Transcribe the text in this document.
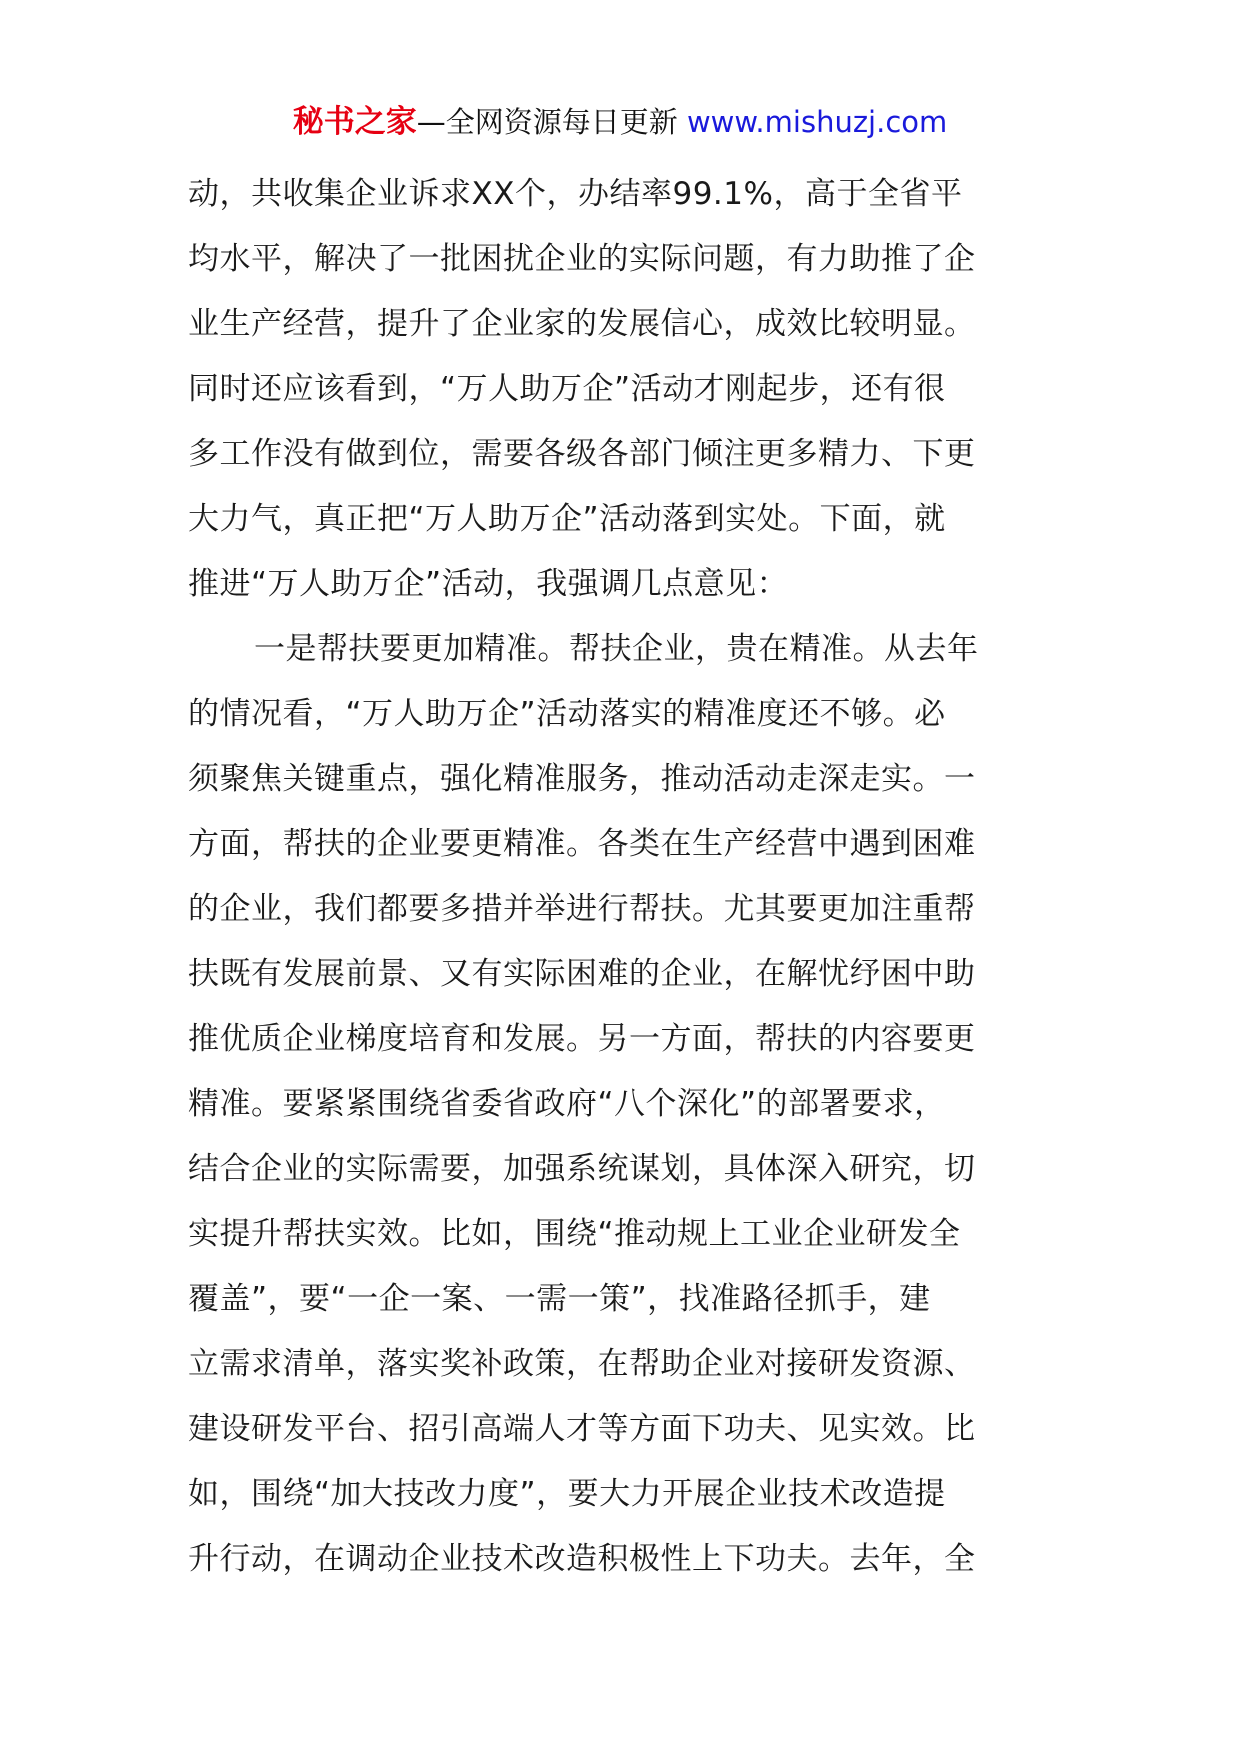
秘书之家—全网资源每日更新 www.mishuzj.com
动，共收集企业诉求XX个，办结率99.1%，高于全省平
均水平，解决了一批困扰企业的实际问题，有力助推了企
业生产经营，提升了企业家的发展信心，成效比较明显。
同时还应该看到，“万人助万企”活动才刚起步，还有很
多工作没有做到位，需要各级各部门倾注更多精力、下更
大力气，真正把“万人助万企”活动落到实处。下面，就
推进“万人助万企”活动，我强调几点意见：
一是帮扶要更加精准。帮扶企业，贵在精准。从去年
的情况看，“万人助万企”活动落实的精准度还不够。必
须聚焦关键重点，强化精准服务，推动活动走深走实。一
方面，帮扶的企业要更精准。各类在生产经营中遇到困难
的企业，我们都要多措并举进行帮扶。尤其要更加注重帮
扶既有发展前景、又有实际困难的企业，在解忧纾困中助
推优质企业梯度培育和发展。另一方面，帮扶的内容要更
精准。要紧紧围绕省委省政府“八个深化”的部署要求，
结合企业的实际需要，加强系统谋划，具体深入研究，切
实提升帮扶实效。比如，围绕“推动规上工业企业研发全
覆盖”，要“一企一案、一需一策”，找准路径抓手，建
立需求清单，落实奖补政策，在帮助企业对接研发资源、
建设研发平台、招引高端人才等方面下功夫、见实效。比
如，围绕“加大技改力度”，要大力开展企业技术改造提
升行动，在调动企业技术改造积极性上下功夫。去年，全
